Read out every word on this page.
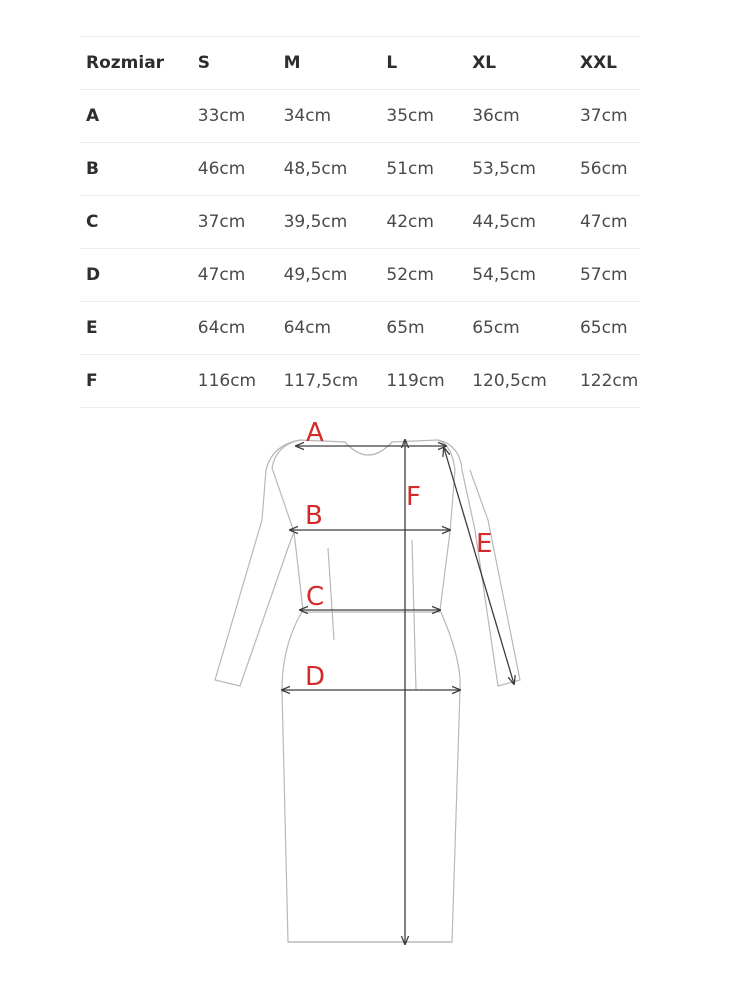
Rozmiar	S	M	L	XL	XXL
A	33cm	34cm	35cm	36cm	37cm
B	46cm	48,5cm	51cm	53,5cm	56cm
C	37cm	39,5cm	42cm	44,5cm	47cm
D	47cm	49,5cm	52cm	54,5cm	57cm
E	64cm	64cm	65m	65cm	65cm
F	116cm	117,5cm	119cm	120,5cm	122cm
A
B
C
D
E
F
